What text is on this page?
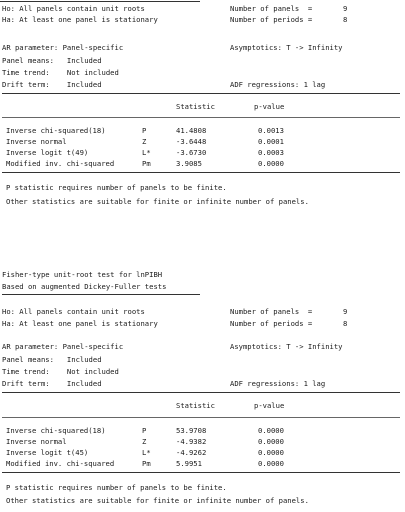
Ho: All panels contain unit roots	Number of panels  =	9
Ha: At least one panel is stationary	Number of periods =	8
AR parameter: Panel-specific	Asymptotics: T -> Infinity
Panel means:   Included
Time trend:    Not included
Drift term:    Included	ADF regressions: 1 lag
Statistic	p-value
Inverse chi-squared(18)	P	41.4808	0.0013
Inverse normal	Z	-3.6448	0.0001
Inverse logit t(49)	L*	-3.6730	0.0003
Modified inv. chi-squared	Pm	3.9085	0.0000
P statistic requires number of panels to be finite.
Other statistics are suitable for finite or infinite number of panels.
Fisher-type unit-root test for lnPIBH
Based on augmented Dickey-Fuller tests
Ho: All panels contain unit roots	Number of panels  =	9
Ha: At least one panel is stationary	Number of periods =	8
AR parameter: Panel-specific	Asymptotics: T -> Infinity
Panel means:   Included
Time trend:    Not included
Drift term:    Included	ADF regressions: 1 lag
Statistic	p-value
Inverse chi-squared(18)	P	53.9708	0.0000
Inverse normal	Z	-4.9382	0.0000
Inverse logit t(45)	L*	-4.9262	0.0000
Modified inv. chi-squared	Pm	5.9951	0.0000
P statistic requires number of panels to be finite.
Other statistics are suitable for finite or infinite number of panels.
